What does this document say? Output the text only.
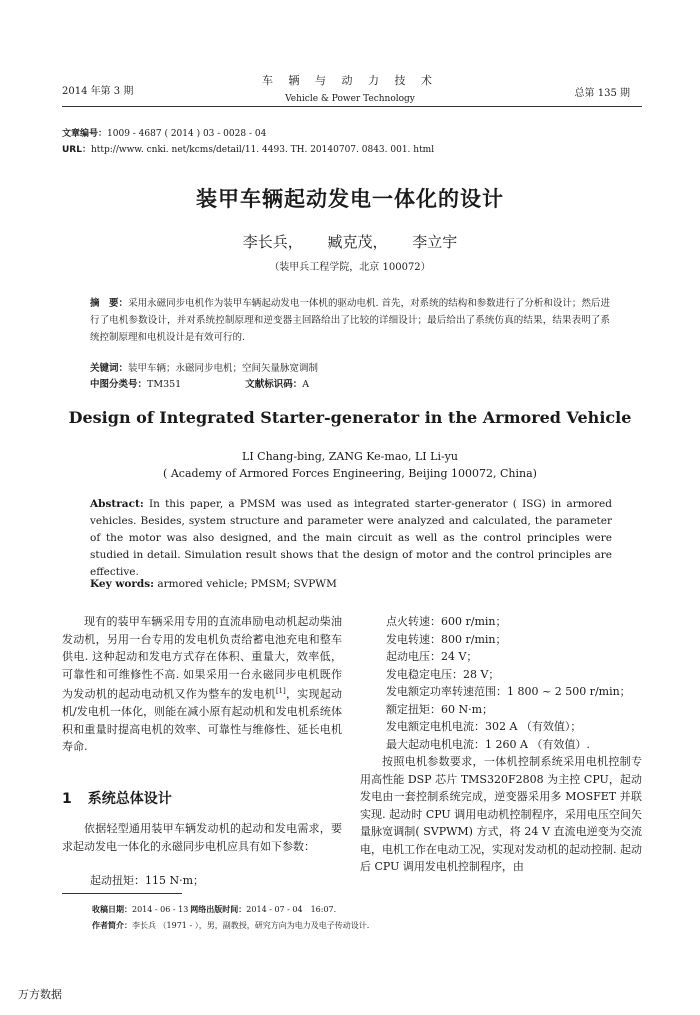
2014 年第 3 期
车 辆 与 动 力 技 术
Vehicle & Power Technology	总第 135 期
文章编号：1009 - 4687 ( 2014 ) 03 - 0028 - 04
URL：http://www. cnki. net/kcms/detail/11. 4493. TH. 20140707. 0843. 001. html
装甲车辆起动发电一体化的设计
李长兵， 臧克茂， 李立宇
（装甲兵工程学院，北京 100072）
摘　要：采用永磁同步电机作为装甲车辆起动发电一体机的驱动电机. 首先，对系统的结构和参数进行了分析和设计；然后进行了电机参数设计，并对系统控制原理和逆变器主回路给出了比较的详细设计；最后给出了系统仿真的结果，结果表明了系统控制原理和电机设计是有效可行的.
关键词：装甲车辆；永磁同步电机；空间矢量脉宽调制
中图分类号：TM351	文献标识码：A
Design of Integrated Starter-generator in the Armored Vehicle
LI Chang-bing, ZANG Ke-mao, LI Li-yu
( Academy of Armored Forces Engineering, Beijing 100072, China)
Abstract: In this paper, a PMSM was used as integrated starter-generator ( ISG) in armored vehicles. Besides, system structure and parameter were analyzed and calculated, the parameter of the motor was also designed, and the main circuit as well as the control principles were studied in detail. Simulation result shows that the design of motor and the control principles are effective.
Key words: armored vehicle; PMSM; SVPWM
现有的装甲车辆采用专用的直流串励电动机起动柴油发动机，另用一台专用的发电机负责给蓄电池充电和整车供电. 这种起动和发电方式存在体积、重量大，效率低，可靠性和可维修性不高. 如果采用一台永磁同步电机既作为发动机的起动电动机又作为整车的发电机[1]，实现起动机/发电机一体化，则能在减小原有起动机和发电机系统体积和重量时提高电机的效率、可靠性与维修性、延长电机寿命.
1 系统总体设计
依据轻型通用装甲车辆发动机的起动和发电需求，要求起动发电一体化的永磁同步电机应具有如下参数：
起动扭矩：115 N·m；
点火转速：600 r/min；
发电转速：800 r/min；
起动电压：24 V；
发电稳定电压：28 V；
发电额定功率转速范围：1 800 ~ 2 500 r/min；
额定扭矩：60 N·m；
发电额定电机电流：302 A （有效值）；
最大起动电机电流：1 260 A （有效值）.
按照电机参数要求，一体机控制系统采用电机控制专用高性能 DSP 芯片 TMS320F2808 为主控 CPU，起动发电由一套控制系统完成，逆变器采用多 MOSFET 并联实现. 起动时 CPU 调用电动机控制程序，采用电压空间矢量脉宽调制( SVPWM) 方式，将 24 V 直流电逆变为交流电，电机工作在电动工况，实现对发动机的起动控制. 起动后 CPU 调用发电机控制程序，由
收稿日期：2014 - 06 - 13 网络出版时间：2014 - 07 - 04　16:07.
作者简介：李长兵 （1971 - ），男，副教授，研究方向为电力及电子传动设计.
万方数据
